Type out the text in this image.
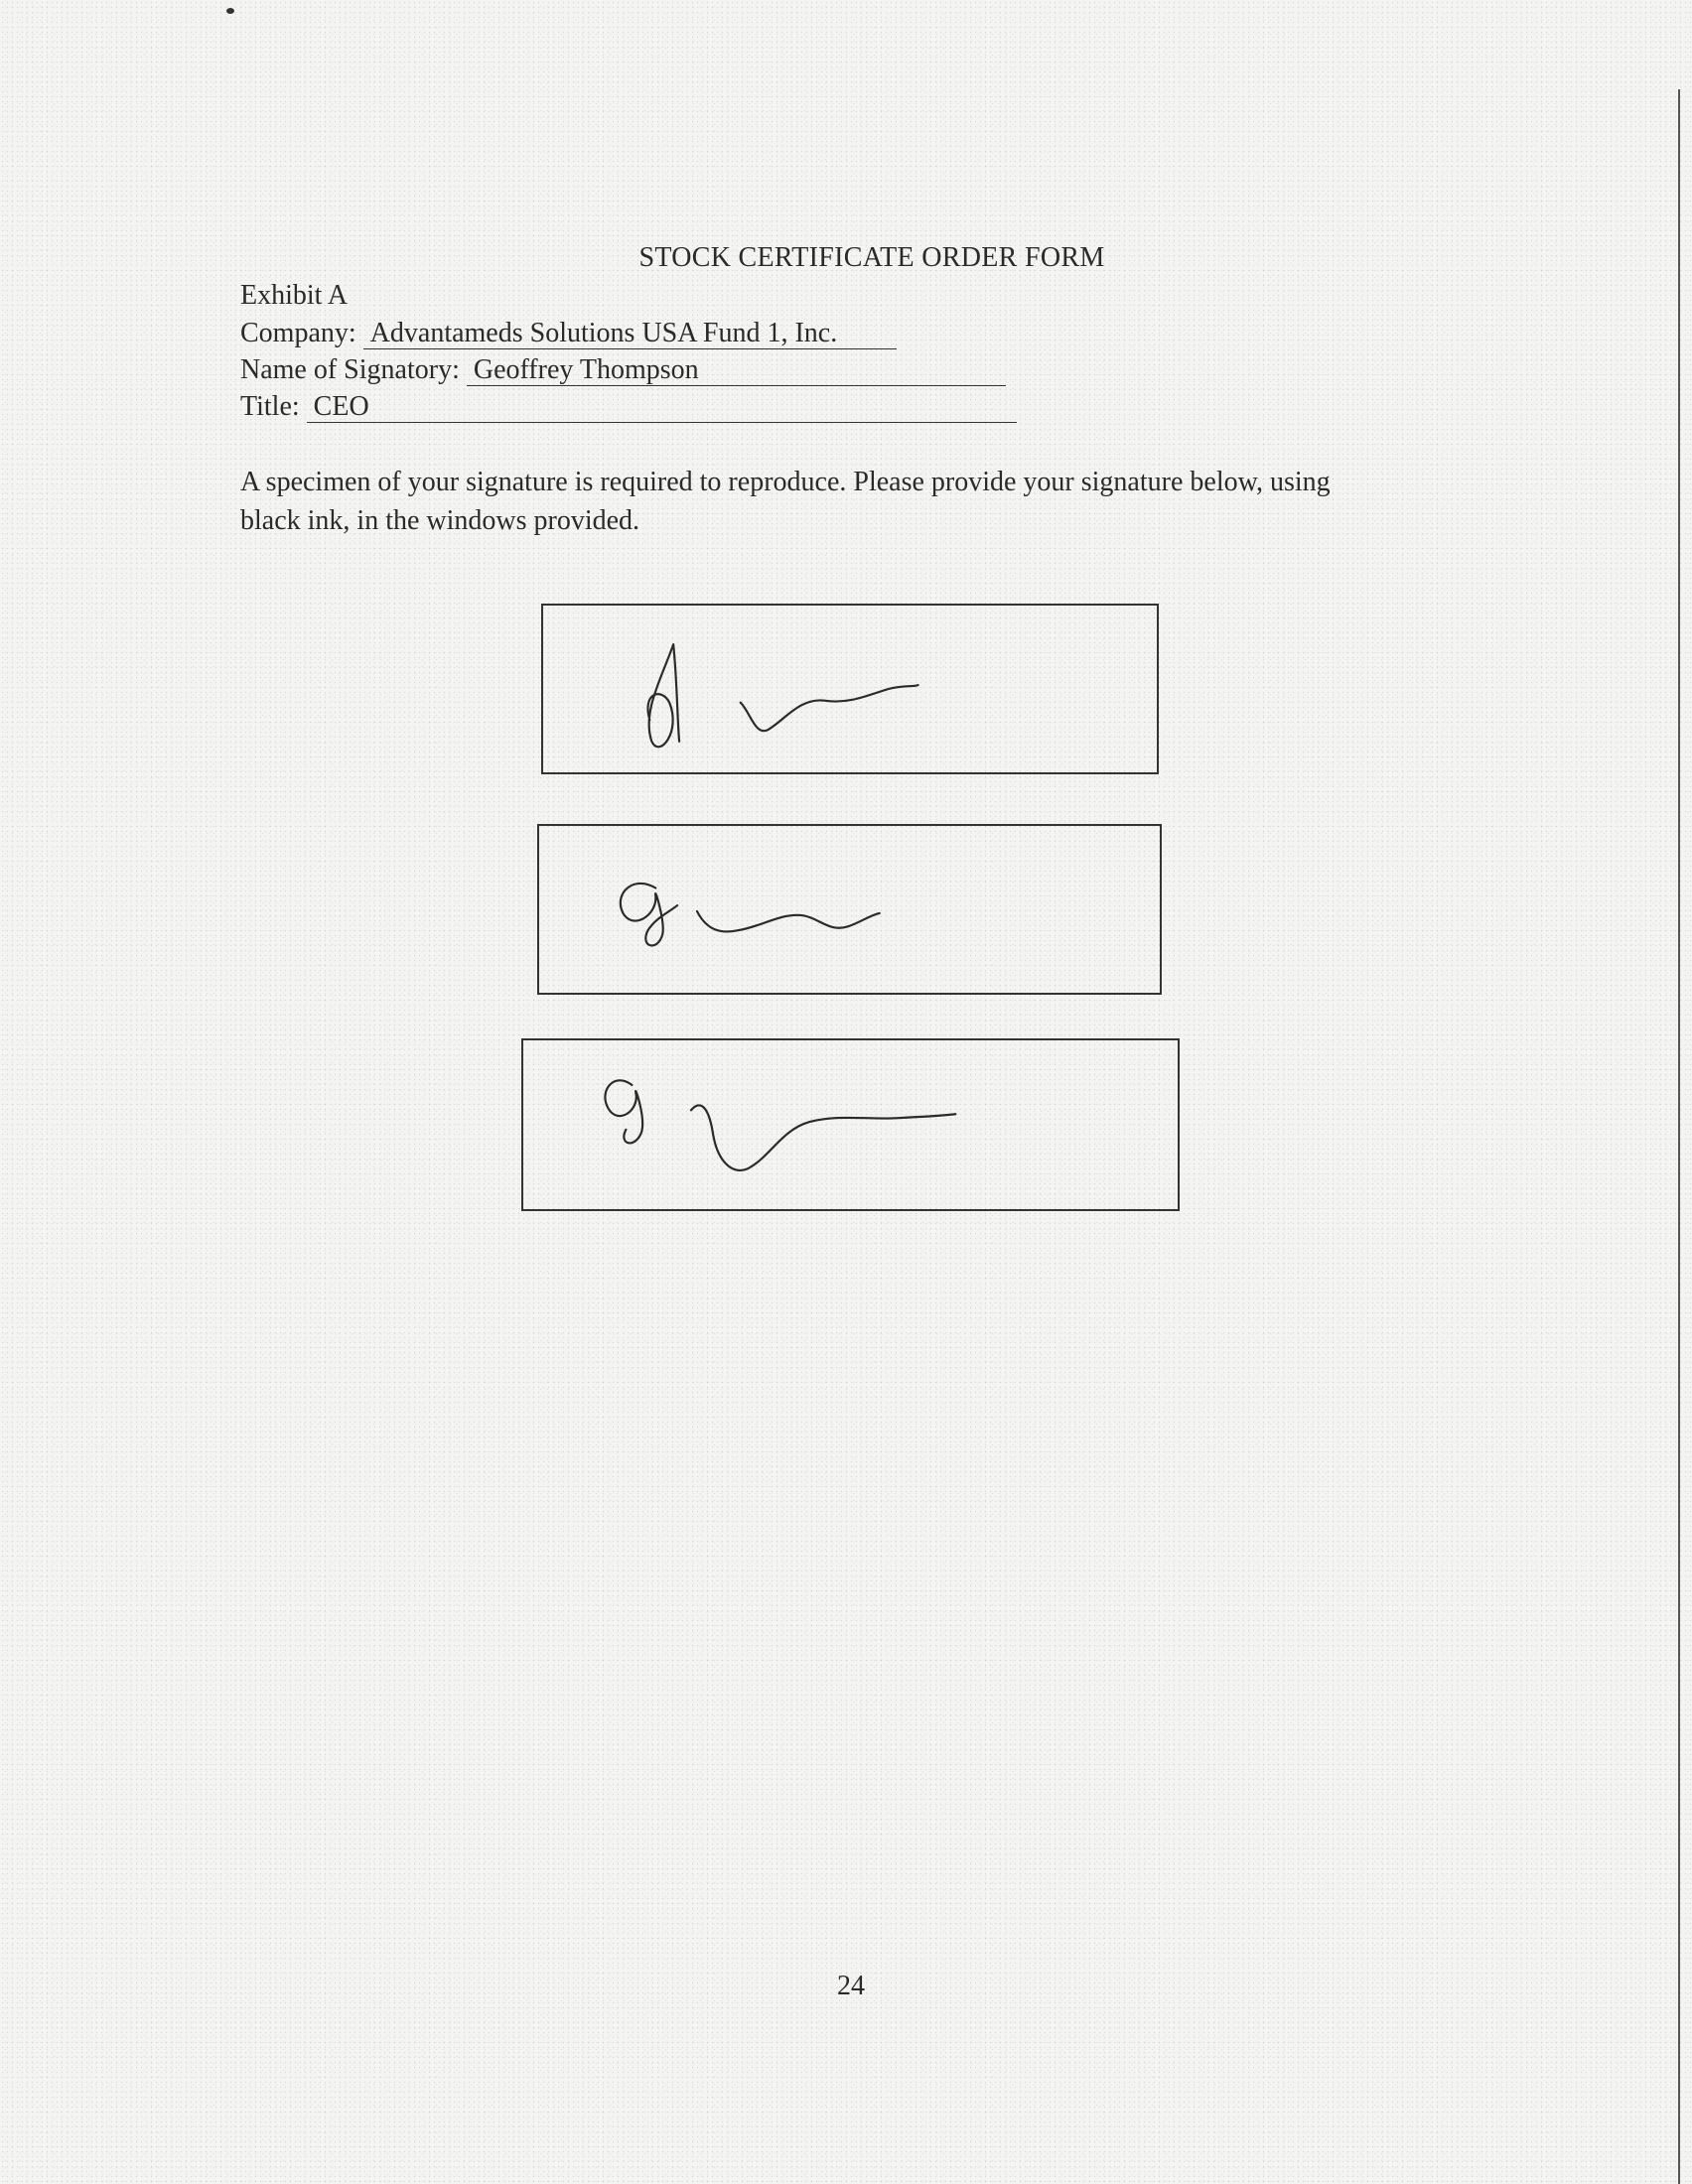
STOCK CERTIFICATE ORDER FORM
Exhibit A
Company: Advantameds Solutions USA Fund 1, Inc.
Name of Signatory: Geoffrey Thompson
Title: CEO
A specimen of your signature is required to reproduce. Please provide your signature below, using black ink, in the windows provided.
24
